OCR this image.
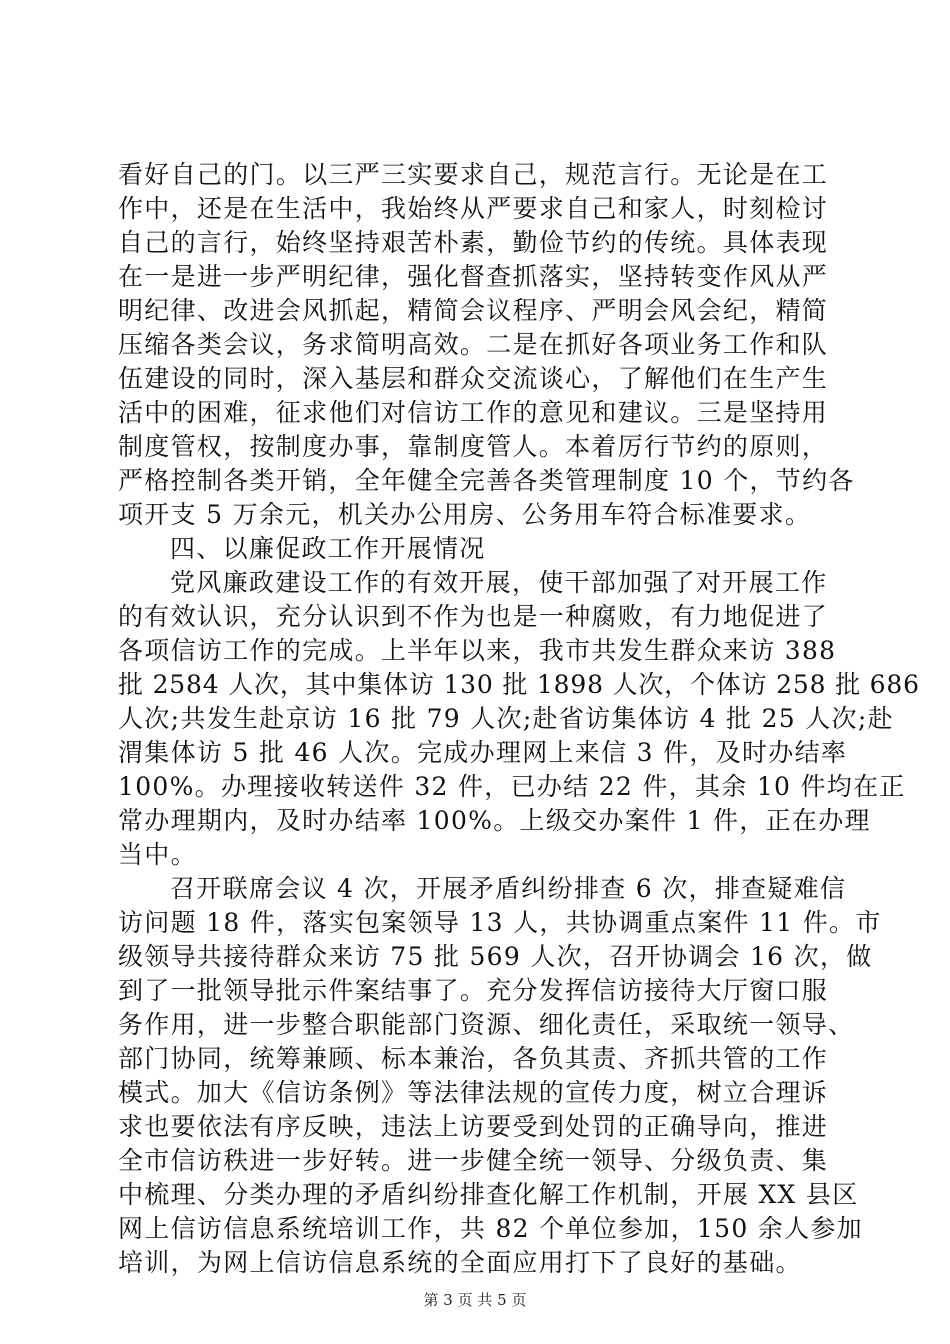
看好自己的门。以三严三实要求自己，规范言行。无论是在工
作中，还是在生活中，我始终从严要求自己和家人，时刻检讨
自己的言行，始终坚持艰苦朴素，勤俭节约的传统。具体表现
在一是进一步严明纪律，强化督查抓落实，坚持转变作风从严
明纪律、改进会风抓起，精简会议程序、严明会风会纪，精简
压缩各类会议，务求简明高效。二是在抓好各项业务工作和队
伍建设的同时，深入基层和群众交流谈心，了解他们在生产生
活中的困难，征求他们对信访工作的意见和建议。三是坚持用
制度管权，按制度办事，靠制度管人。本着厉行节约的原则，
严格控制各类开销，全年健全完善各类管理制度 10 个，节约各
项开支 5 万余元，机关办公用房、公务用车符合标准要求。
四、以廉促政工作开展情况
党风廉政建设工作的有效开展，使干部加强了对开展工作
的有效认识，充分认识到不作为也是一种腐败，有力地促进了
各项信访工作的完成。上半年以来，我市共发生群众来访 388
批 2584 人次，其中集体访 130 批 1898 人次，个体访 258 批 686
人次;共发生赴京访 16 批 79 人次;赴省访集体访 4 批 25 人次;赴
渭集体访 5 批 46 人次。完成办理网上来信 3 件，及时办结率
100%。办理接收转送件 32 件，已办结 22 件，其余 10 件均在正
常办理期内，及时办结率 100%。上级交办案件 1 件，正在办理
当中。
召开联席会议 4 次，开展矛盾纠纷排查 6 次，排查疑难信
访问题 18 件，落实包案领导 13 人，共协调重点案件 11 件。市
级领导共接待群众来访 75 批 569 人次，召开协调会 16 次，做
到了一批领导批示件案结事了。充分发挥信访接待大厅窗口服
务作用，进一步整合职能部门资源、细化责任，采取统一领导、
部门协同，统筹兼顾、标本兼治，各负其责、齐抓共管的工作
模式。加大《信访条例》等法律法规的宣传力度，树立合理诉
求也要依法有序反映，违法上访要受到处罚的正确导向，推进
全市信访秩进一步好转。进一步健全统一领导、分级负责、集
中梳理、分类办理的矛盾纠纷排查化解工作机制，开展 XX 县区
网上信访信息系统培训工作，共 82 个单位参加，150 余人参加
培训，为网上信访信息系统的全面应用打下了良好的基础。
第 3 页 共 5 页
